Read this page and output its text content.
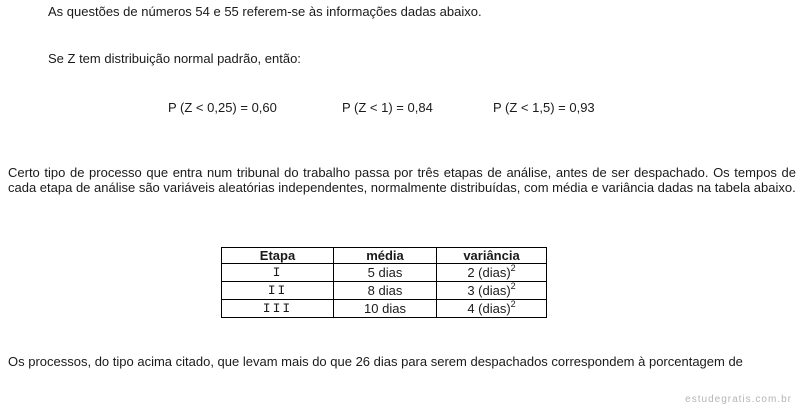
As questões de números 54 e 55 referem-se às informações dadas abaixo.
Se Z tem distribuição normal padrão, então:
P (Z < 0,25) = 0,60	P (Z < 1) = 0,84	P (Z < 1,5) = 0,93
Certo tipo de processo que entra num tribunal do trabalho passa por três etapas de análise, antes de ser despachado. Os tempos de cada etapa de análise são variáveis aleatórias independentes, normalmente distribuídas, com média e variância dadas na tabela abaixo.
Etapa	média	variância
I	5 dias	2 (dias)$^2$
II	8 dias	3 (dias)$^2$
III	10 dias	4 (dias)$^2$
Os processos, do tipo acima citado, que levam mais do que 26 dias para serem despachados correspondem à porcentagem de
estudegratis.com.br
